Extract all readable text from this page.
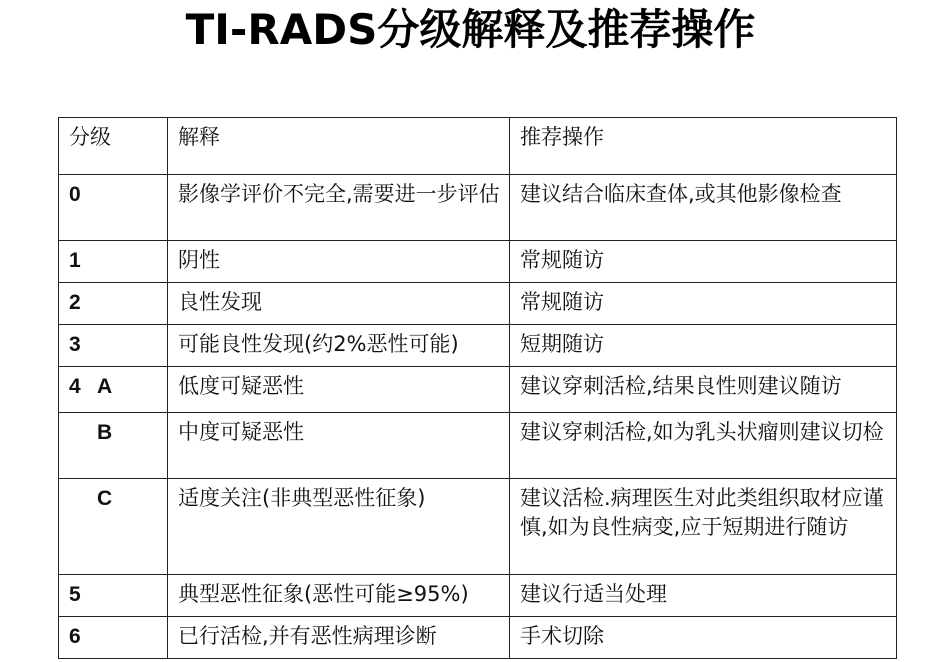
TI-RADS分级解释及推荐操作
分级	解释	推荐操作
0	影像学评价不完全,需要进一步评估	建议结合临床查体,或其他影像检查
1	阴性	常规随访
2	良性发现	常规随访
3	可能良性发现(约2%恶性可能)	短期随访
4 A	低度可疑恶性	建议穿刺活检,结果良性则建议随访
B	中度可疑恶性	建议穿刺活检,如为乳头状瘤则建议切检
C	适度关注(非典型恶性征象)	建议活检.病理医生对此类组织取材应谨慎,如为良性病变,应于短期进行随访
5	典型恶性征象(恶性可能≥95%)	建议行适当处理
6	已行活检,并有恶性病理诊断	手术切除
